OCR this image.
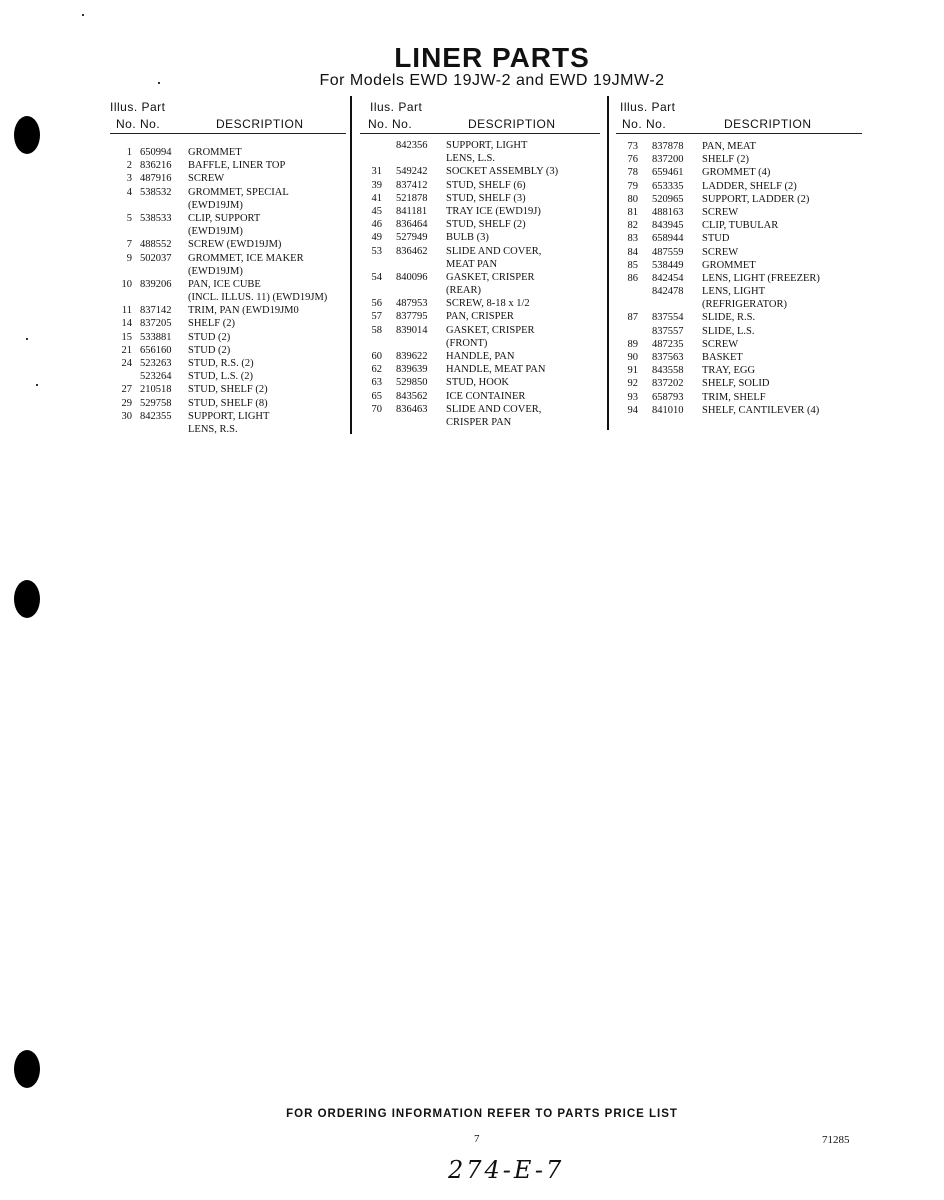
LINER PARTS
For Models EWD 19JW-2 and EWD 19JMW-2
Illus. Part
No. No.	DESCRIPTION
1 650994	GROMMET
2 836216	BAFFLE, LINER TOP
3 487916	SCREW
4 538532	GROMMET, SPECIAL
(EWD19JM)
5 538533	CLIP, SUPPORT
(EWD19JM)
7 488552	SCREW (EWD19JM)
9 502037	GROMMET, ICE MAKER
(EWD19JM)
10 839206	PAN, ICE CUBE
(INCL. ILLUS. 11) (EWD19JM)
11 837142	TRIM, PAN (EWD19JM0
14 837205	SHELF (2)
15 533881	STUD (2)
21 656160	STUD (2)
24 523263	STUD, R.S. (2)
523264	STUD, L.S. (2)
27 210518	STUD, SHELF (2)
29 529758	STUD, SHELF (8)
30 842355	SUPPORT, LIGHT
LENS, R.S.
Ilus. Part
No. No.	DESCRIPTION
842356	SUPPORT, LIGHT
LENS, L.S.
31 549242	SOCKET ASSEMBLY (3)
39 837412	STUD, SHELF (6)
41 521878	STUD, SHELF (3)
45 841181	TRAY ICE (EWD19J)
46 836464	STUD, SHELF (2)
49 527949	BULB (3)
53 836462	SLIDE AND COVER,
MEAT PAN
54 840096	GASKET, CRISPER
(REAR)
56 487953	SCREW, 8-18 x 1/2
57 837795	PAN, CRISPER
58 839014	GASKET, CRISPER
(FRONT)
60 839622	HANDLE, PAN
62 839639	HANDLE, MEAT PAN
63 529850	STUD, HOOK
65 843562	ICE CONTAINER
70 836463	SLIDE AND COVER,
CRISPER PAN
Illus. Part
No. No.	DESCRIPTION
73 837878	PAN, MEAT
76 837200	SHELF (2)
78 659461	GROMMET (4)
79 653335	LADDER, SHELF (2)
80 520965	SUPPORT, LADDER (2)
81 488163	SCREW
82 843945	CLIP, TUBULAR
83 658944	STUD
84 487559	SCREW
85 538449	GROMMET
86 842454	LENS, LIGHT (FREEZER)
842478	LENS, LIGHT
(REFRIGERATOR)
87 837554	SLIDE, R.S.
837557	SLIDE, L.S.
89 487235	SCREW
90 837563	BASKET
91 843558	TRAY, EGG
92 837202	SHELF, SOLID
93 658793	TRIM, SHELF
94 841010	SHELF, CANTILEVER (4)
FOR ORDERING INFORMATION REFER TO PARTS PRICE LIST
7	71285
274-E-7
